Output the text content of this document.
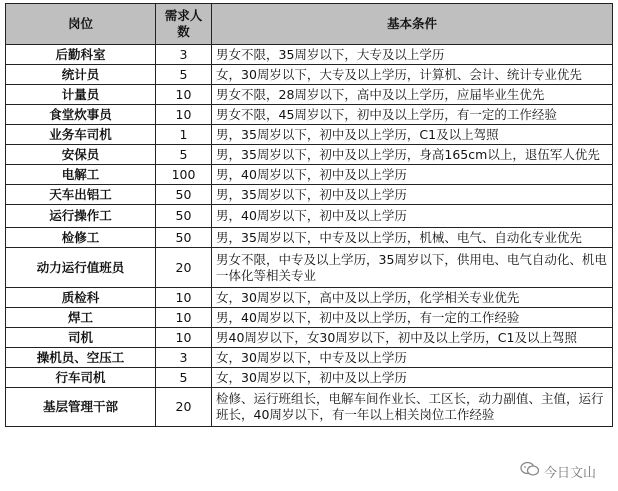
岗位	需求人数	基本条件
后勤科室	3	男女不限，35周岁以下，大专及以上学历
统计员	5	女，30周岁以下，大专及以上学历，计算机、会计、统计专业优先
计量员	10	男女不限，28周岁以下，高中及以上学历，应届毕业生优先
食堂炊事员	10	男女不限，45周岁以下，初中及以上学历，有一定的工作经验
业务车司机	1	男，35周岁以下，初中及以上学历，C1及以上驾照
安保员	5	男，35周岁以下，初中及以上学历，身高165cm以上，退伍军人优先
电解工	100	男，40周岁以下，初中及以上学历
天车出铝工	50	男，35周岁以下，初中及以上学历
运行操作工	50	男，40周岁以下，初中及以上学历
检修工	50	男，35周岁以下，中专及以上学历，机械、电气、自动化专业优先
动力运行值班员	20	男女不限，中专及以上学历，35周岁以下，供用电、电气自动化、机电一体化等相关专业
质检科	10	女，30周岁以下，高中及以上学历，化学相关专业优先
焊工	10	男，40周岁以下，初中及以上学历，有一定的工作经验
司机	10	男40周岁以下，女30周岁以下，初中及以上学历，C1及以上驾照
操机员、空压工	3	女，30周岁以下，中专及以上学历
行车司机	5	女，30周岁以下，初中及以上学历
基层管理干部	20	检修、运行班组长，电解车间作业长、工区长，动力副值、主值，运行班长，40周岁以下，有一年以上相关岗位工作经验
今日文山
